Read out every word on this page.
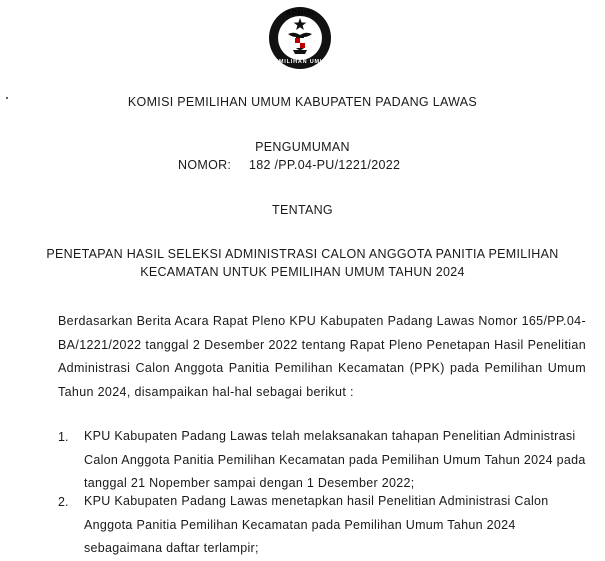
KOMISI
PEMILIHAN UMUM
KOMISI PEMILIHAN UMUM KABUPATEN PADANG LAWAS
PENGUMUMAN
NOMOR: 182 /PP.04-PU/1221/2022
TENTANG
PENETAPAN HASIL SELEKSI ADMINISTRASI CALON ANGGOTA PANITIA PEMILIHAN
KECAMATAN UNTUK PEMILIHAN UMUM TAHUN 2024
Berdasarkan Berita Acara Rapat Pleno KPU Kabupaten Padang Lawas Nomor 165/PP.04-BA/1221/2022 tanggal 2 Desember 2022 tentang Rapat Pleno Penetapan Hasil Penelitian Administrasi Calon Anggota Panitia Pemilihan Kecamatan (PPK) pada Pemilihan Umum Tahun 2024, disampaikan hal-hal sebagai berikut :
1. KPU Kabupaten Padang Lawas telah melaksanakan tahapan Penelitian Administrasi Calon Anggota Panitia Pemilihan Kecamatan pada Pemilihan Umum Tahun 2024 pada tanggal 21 Nopember sampai dengan 1 Desember 2022;
2. KPU Kabupaten Padang Lawas menetapkan hasil Penelitian Administrasi Calon Anggota Panitia Pemilihan Kecamatan pada Pemilihan Umum Tahun 2024 sebagaimana daftar terlampir;
